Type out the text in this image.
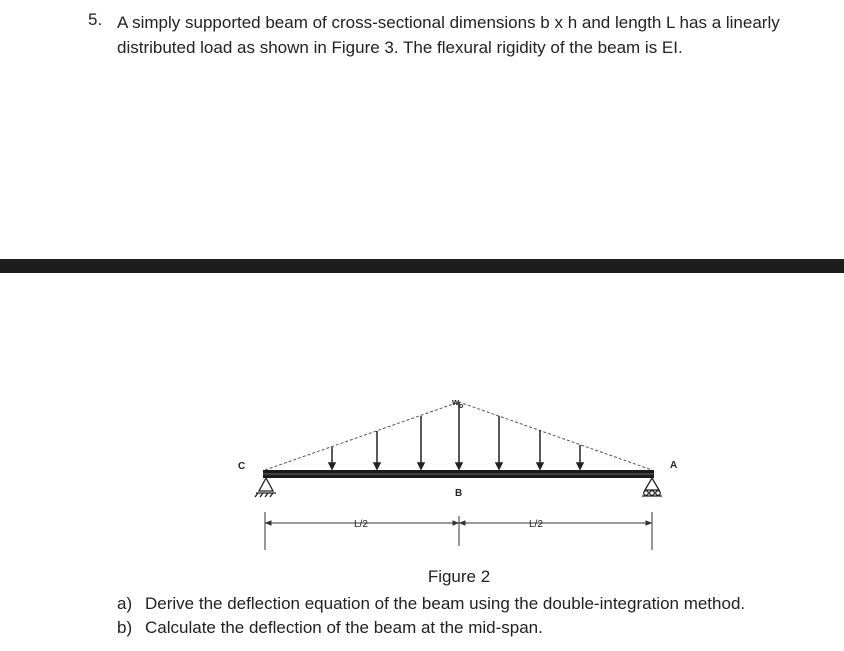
5. A simply supported beam of cross-sectional dimensions b x h and length L has a linearly
distributed load as shown in Figure 3. The flexural rigidity of the beam is EI.
$w_o$
C
B
A
L/2	L/2
Figure 2
a) Derive the deflection equation of the beam using the double-integration method.
b) Calculate the deflection of the beam at the mid-span.
